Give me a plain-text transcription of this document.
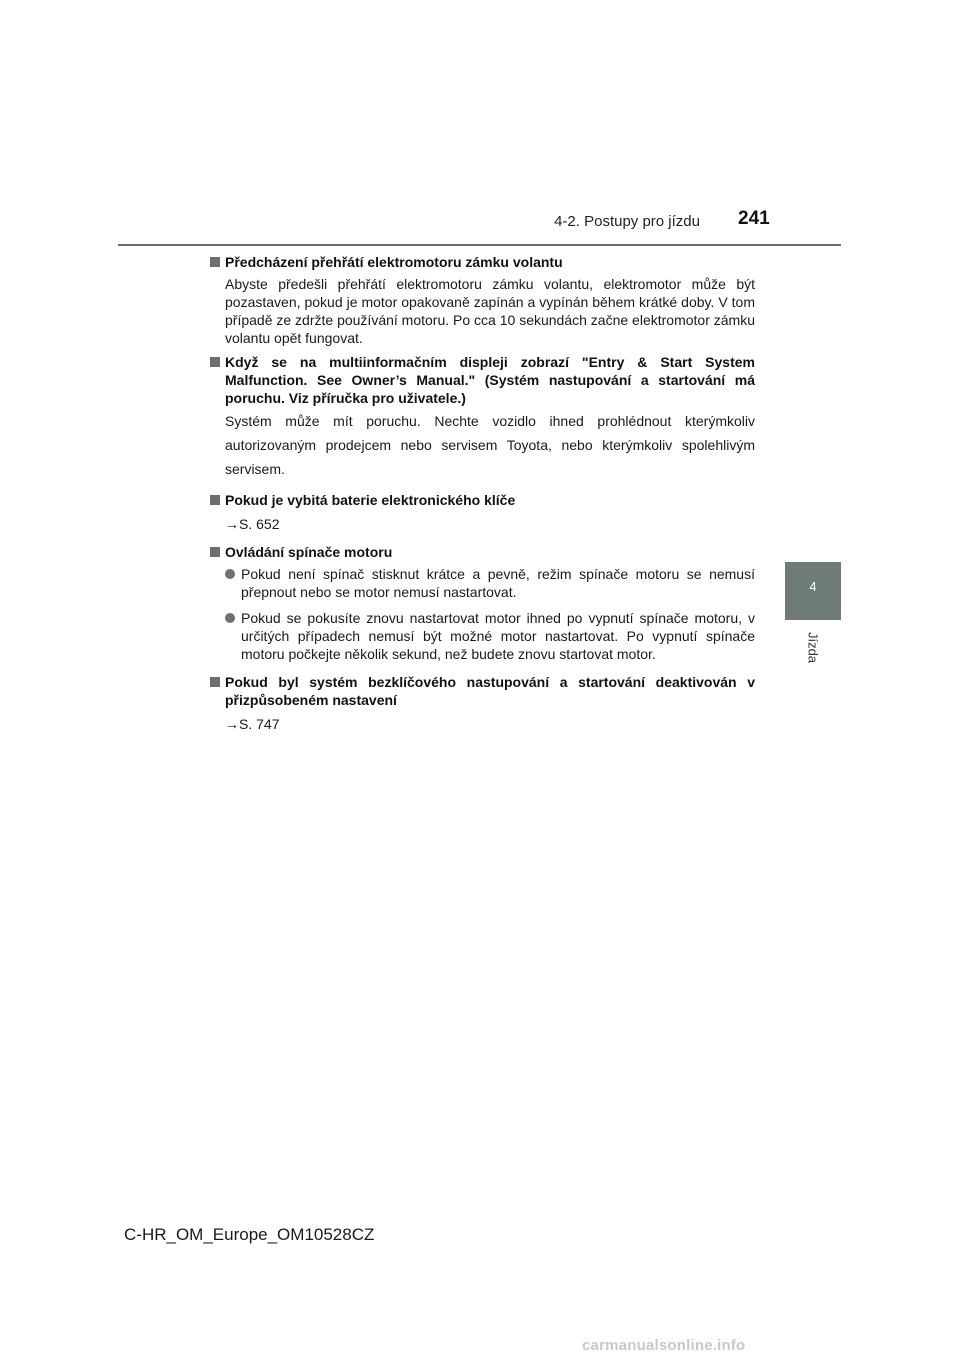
4-2. Postupy pro jízdu 241
4
Jízda
Předcházení přehřátí elektromotoru zámku volantu
Abyste předešli přehřátí elektromotoru zámku volantu, elektromotor může být pozastaven, pokud je motor opakovaně zapínán a vypínán během krátké doby. V tom případě ze zdržte používání motoru. Po cca 10 sekundách začne elektromotor zámku volantu opět fungovat.
Když se na multiinformačním displeji zobrazí "Entry & Start System Malfunction. See Owner’s Manual." (Systém nastupování a startování má poruchu. Viz příručka pro uživatele.)
Systém může mít poruchu. Nechte vozidlo ihned prohlédnout kterýmkoliv autorizovaným prodejcem nebo servisem Toyota, nebo kterýmkoliv spolehlivým servisem.
Pokud je vybitá baterie elektronického klíče
→S. 652
Ovládání spínače motoru
Pokud není spínač stisknut krátce a pevně, režim spínače motoru se nemusí přepnout nebo se motor nemusí nastartovat.
Pokud se pokusíte znovu nastartovat motor ihned po vypnutí spínače motoru, v určitých případech nemusí být možné motor nastartovat. Po vypnutí spínače motoru počkejte několik sekund, než budete znovu startovat motor.
Pokud byl systém bezklíčového nastupování a startování deaktivován v přizpůsobeném nastavení
→S. 747
C-HR_OM_Europe_OM10528CZ
carmanualsonline.info
